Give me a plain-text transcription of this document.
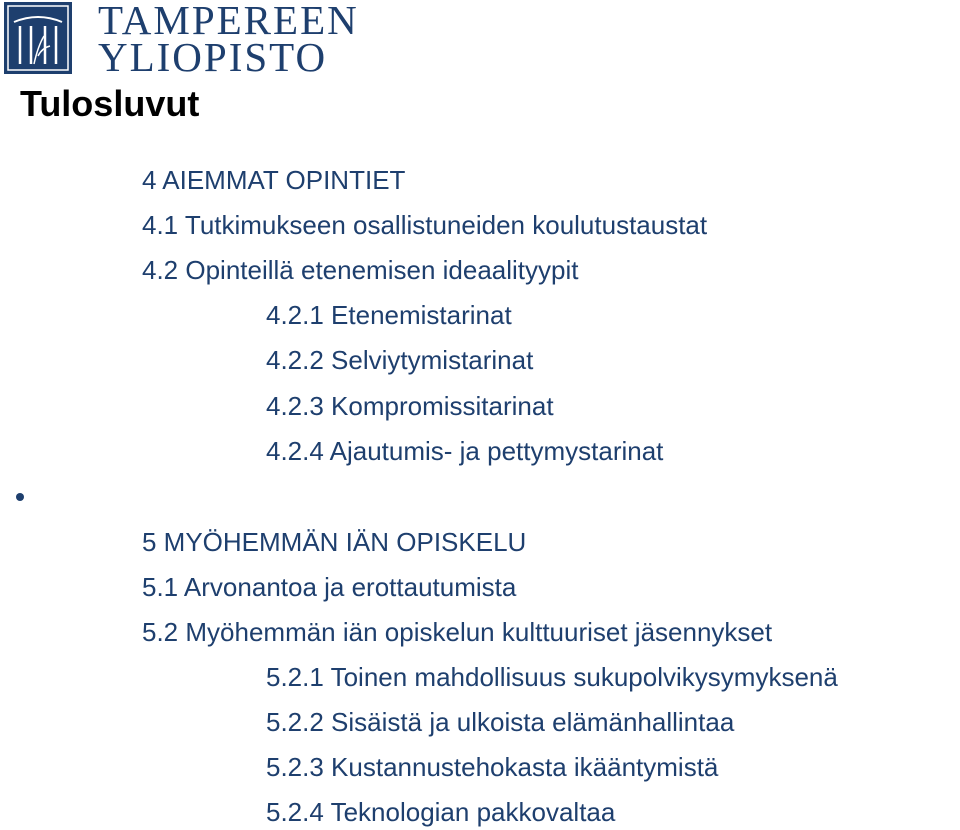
TAMPEREEN
YLIOPISTO
Tulosluvut
4 AIEMMAT OPINTIET
4.1 Tutkimukseen osallistuneiden koulutustaustat
4.2 Opinteillä etenemisen ideaalityypit
4.2.1 Etenemistarinat
4.2.2 Selviytymistarinat
4.2.3 Kompromissitarinat
4.2.4 Ajautumis- ja pettymystarinat
5 MYÖHEMMÄN IÄN OPISKELU
5.1 Arvonantoa ja erottautumista
5.2 Myöhemmän iän opiskelun kulttuuriset jäsennykset
5.2.1 Toinen mahdollisuus sukupolvikysymyksenä
5.2.2 Sisäistä ja ulkoista elämänhallintaa
5.2.3 Kustannustehokasta ikääntymistä
5.2.4 Teknologian pakkovaltaa
